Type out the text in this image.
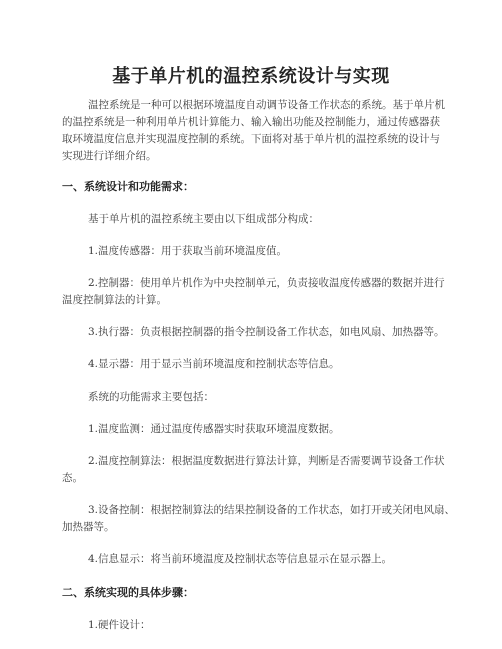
基于单片机的温控系统设计与实现
温控系统是一种可以根据环境温度自动调节设备工作状态的系统。基于单片机
的温控系统是一种利用单片机计算能力、输入输出功能及控制能力，通过传感器获
取环境温度信息并实现温度控制的系统。下面将对基于单片机的温控系统的设计与
实现进行详细介绍。
一、系统设计和功能需求：
基于单片机的温控系统主要由以下组成部分构成：
1.温度传感器：用于获取当前环境温度值。
2.控制器：使用单片机作为中央控制单元，负责接收温度传感器的数据并进行
温度控制算法的计算。
3.执行器：负责根据控制器的指令控制设备工作状态，如电风扇、加热器等。
4.显示器：用于显示当前环境温度和控制状态等信息。
系统的功能需求主要包括：
1.温度监测：通过温度传感器实时获取环境温度数据。
2.温度控制算法：根据温度数据进行算法计算，判断是否需要调节设备工作状
态。
3.设备控制：根据控制算法的结果控制设备的工作状态，如打开或关闭电风扇、
加热器等。
4.信息显示：将当前环境温度及控制状态等信息显示在显示器上。
二、系统实现的具体步骤：
1.硬件设计：
